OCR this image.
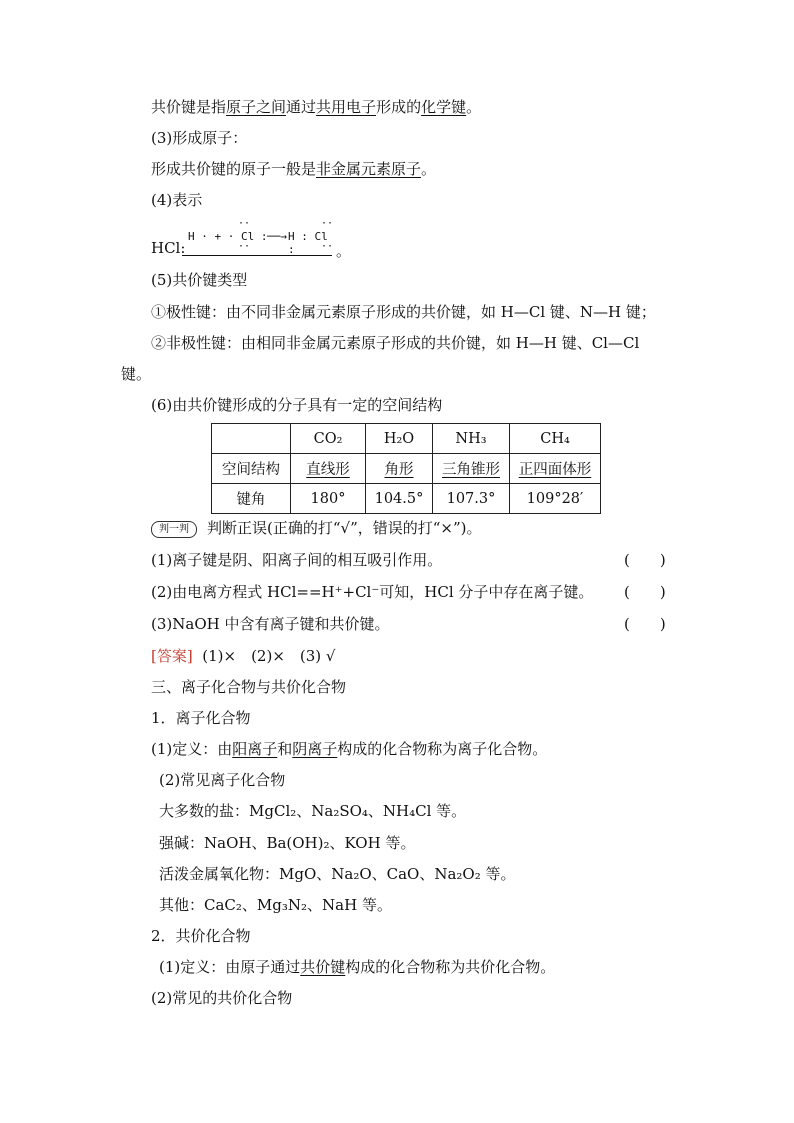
共价键是指原子之间通过共用电子形成的化学键。
(3)形成原子：
形成共价键的原子一般是非金属元素原子。
(4)表示
HCl:
··	··
H · + · Cl : ──→ H : Cl :
··	·· 。
(5)共价键类型
①极性键：由不同非金属元素原子形成的共价键，如 H—Cl 键、N—H 键；
②非极性键：由相同非金属元素原子形成的共价键，如 H—H 键、Cl—Cl
键。
(6)由共价键形成的分子具有一定的空间结构
	CO₂	H₂O	NH₃	CH₄
空间结构	直线形	角形	三角锥形	正四面体形
键角	180°	104.5°	107.3°	109°28′
判一判 判断正误(正确的打“√”，错误的打“×”)。
(1)离子键是阴、阳离子间的相互吸引作用。	(　　)
(2)由电离方程式 HCl==H⁺+Cl⁻可知，HCl 分子中存在离子键。 (　　)
(3)NaOH 中含有离子键和共价键。	(　　)
[答案] (1)×　(2)×　(3) √
三、离子化合物与共价化合物
1．离子化合物
(1)定义：由阳离子和阴离子构成的化合物称为离子化合物。
(2)常见离子化合物
大多数的盐：MgCl₂、Na₂SO₄、NH₄Cl 等。
强碱：NaOH、Ba(OH)₂、KOH 等。
活泼金属氧化物：MgO、Na₂O、CaO、Na₂O₂ 等。
其他：CaC₂、Mg₃N₂、NaH 等。
2．共价化合物
(1)定义：由原子通过共价键构成的化合物称为共价化合物。
(2)常见的共价化合物
